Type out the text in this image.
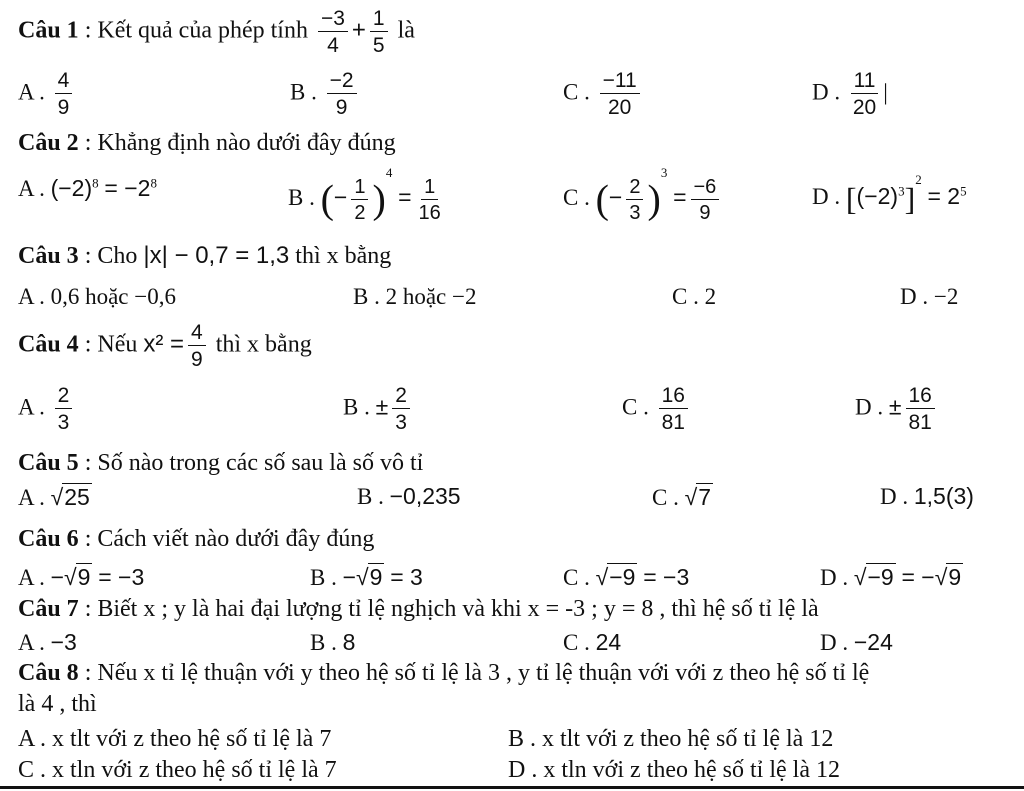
Câu 1 : Kết quả của phép tính $\frac{-3}{4} + \frac{1}{5}$ là
A . $\frac{4}{9}$	B . $\frac{-2}{9}$	C . $\frac{-11}{20}$	D . $\frac{11}{20}$ |
Câu 2 : Khẳng định nào dưới đây đúng
A . $(-2)^8 = -2^8$
B . (− $\frac{1}{2} )^4 = \frac{1}{16}$	C . (− $\frac{2}{3} )^3 = \frac{-6}{9}$	D . $[(-2)^3]^2 = 2^5$
Câu 3 : Cho |x| − 0,7 = 1,3 thì x bằng
A . 0,6 hoặc −0,6	B . 2 hoặc −2	C . 2	D . −2
Câu 4 : Nếu $x^2 = \frac{4}{9}$ thì x bằng
A . $\frac{2}{3}$	B . ± $\frac{2}{3}$	C . $\frac{16}{81}$	D . ± $\frac{16}{81}$
Câu 5 : Số nào trong các số sau là số vô tỉ
A . √25	B . −0,235	C . √7	D . 1,5(3)
Câu 6 : Cách viết nào dưới đây đúng
A . −√9 = −3	B . −√9 = 3	C . √−9 = −3	D . √−9 = −√9
Câu 7 : Biết x ; y là hai đại lượng tỉ lệ nghịch và khi x = -3 ; y = 8 , thì hệ số tỉ lệ là
A . −3	B . 8	C . 24	D . −24
Câu 8 : Nếu x tỉ lệ thuận với y theo hệ số tỉ lệ là 3 , y tỉ lệ thuận với với z theo hệ số tỉ lệ
là 4 , thì
A . x tlt với z theo hệ số tỉ lệ là 7	B . x tlt với z theo hệ số tỉ lệ là 12
C . x tln với z theo hệ số tỉ lệ là 7	D . x tln với z theo hệ số tỉ lệ là 12
